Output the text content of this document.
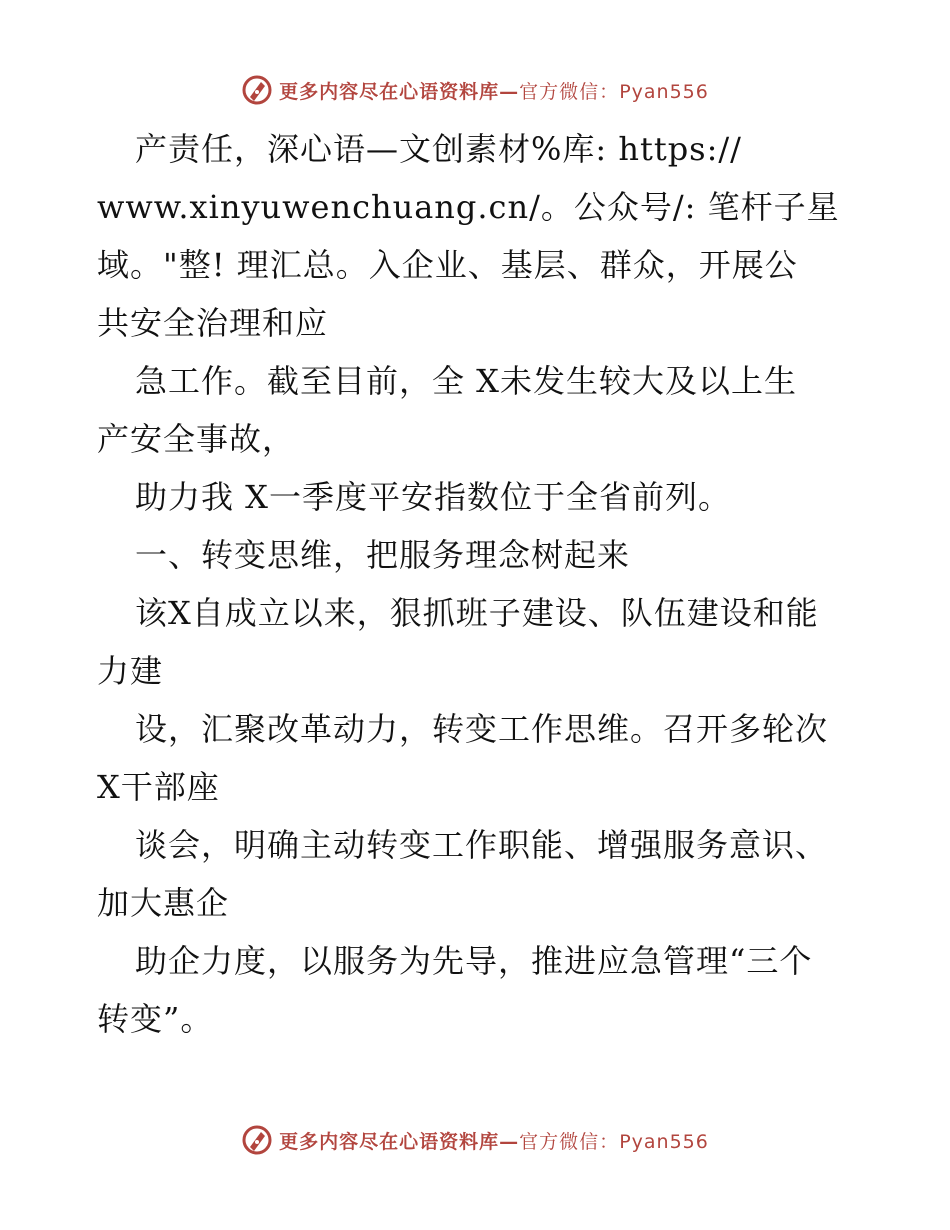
更多内容尽在心语资料库—官方微信：Pyan556
产责任，深心语—文创素材%库: https://
www.xinyuwenchuang.cn/。公众号/: 笔杆子星
域。"整! 理汇总。入企业、基层、群众，开展公
共安全治理和应
急工作。截至目前，全 X未发生较大及以上生
产安全事故，
助力我 X一季度平安指数位于全省前列。
一、转变思维，把服务理念树起来
该X自成立以来，狠抓班子建设、队伍建设和能
力建
设，汇聚改革动力，转变工作思维。召开多轮次
X干部座
谈会，明确主动转变工作职能、增强服务意识、
加大惠企
助企力度，以服务为先导，推进应急管理“三个
转变”。
更多内容尽在心语资料库—官方微信：Pyan556
